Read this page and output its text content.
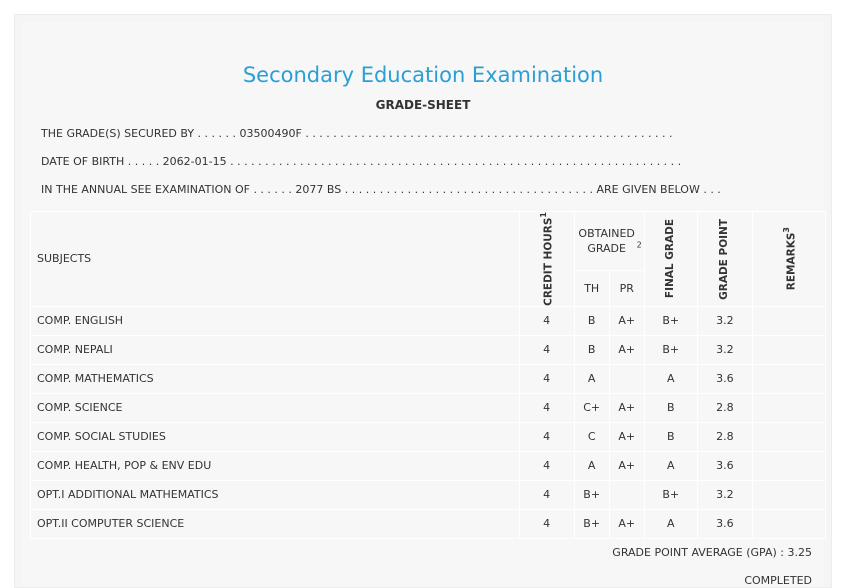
Secondary Education Examination
GRADE-SHEET
THE GRADE(S) SECURED BY . . . . . . 03500490F . . . . . . . . . . . . . . . . . . . . . . . . . . . . . . . . . . . . . . . . . . . . . . . . . . . . .
DATE OF BIRTH . . . . . 2062-01-15 . . . . . . . . . . . . . . . . . . . . . . . . . . . . . . . . . . . . . . . . . . . . . . . . . . . . . . . . . . . . . . . . .
IN THE ANNUAL SEE EXAMINATION OF . . . . . . 2077 BS . . . . . . . . . . . . . . . . . . . . . . . . . . . . . . . . . . . . ARE GIVEN BELOW . . .
SUBJECTS	CREDIT HOURS$^1$	OBTAINED GRADE $^2$		FINAL GRADE	GRADE POINT	REMARKS$^3$

		TH	PR			
COMP. ENGLISH	4	B	A+	B+	3.2	
COMP. NEPALI	4	B	A+	B+	3.2	
COMP. MATHEMATICS	4	A		A	3.6	
COMP. SCIENCE	4	C+	A+	B	2.8	
COMP. SOCIAL STUDIES	4	C	A+	B	2.8	
COMP. HEALTH, POP & ENV EDU	4	A	A+	A	3.6	
OPT.I ADDITIONAL MATHEMATICS	4	B+		B+	3.2	
OPT.II COMPUTER SCIENCE	4	B+	A+	A	3.6	
GRADE POINT AVERAGE (GPA) : 3.25
COMPLETED
